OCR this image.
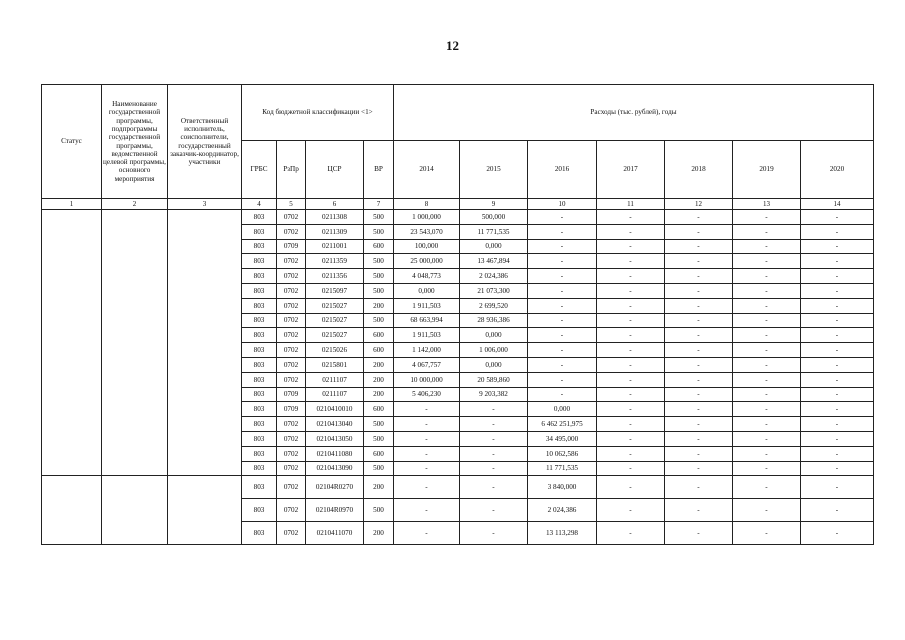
12
Статус	Наименование государственной программы, подпрограммы государственной программы, ведомственной целевой программы, основного мероприятия	Ответственный исполнитель, соисполнители, государственный заказчик-координатор, участники	Код бюджетной классификации <1>				Расходы (тыс. рублей), годы						
			ГРБС	РзПр	ЦСР	ВР	2014	2015	2016	2017	2018	2019	2020
1	2	3	4	5	6	7	8	9	10	11	12	13	14
			803	0702	0211308	500	1 000,000	500,000	-	-	-	-	-
			803	0702	0211309	500	23 543,070	11 771,535	-	-	-	-	-
			803	0709	0211001	600	100,000	0,000	-	-	-	-	-
			803	0702	0211359	500	25 000,000	13 467,894	-	-	-	-	-
			803	0702	0211356	500	4 048,773	2 024,386	-	-	-	-	-
			803	0702	0215097	500	0,000	21 073,300	-	-	-	-	-
			803	0702	0215027	200	1 911,503	2 699,520	-	-	-	-	-
			803	0702	0215027	500	68 663,994	28 936,386	-	-	-	-	-
			803	0702	0215027	600	1 911,503	0,000	-	-	-	-	-
			803	0702	0215026	600	1 142,000	1 006,000	-	-	-	-	-
			803	0702	0215801	200	4 067,757	0,000	-	-	-	-	-
			803	0702	0211107	200	10 000,000	20 589,860	-	-	-	-	-
			803	0709	0211107	200	5 406,230	9 203,382	-	-	-	-	-
			803	0709	0210410010	600	-	-	0,000	-	-	-	-
			803	0702	0210413040	500	-	-	6 462 251,975	-	-	-	-
			803	0702	0210413050	500	-	-	34 495,000	-	-	-	-
			803	0702	0210411080	600	-	-	10 062,586	-	-	-	-
			803	0702	0210413090	500	-	-	11 771,535	-	-	-	-
			803	0702	02104R0270	200	-	-	3 840,000	-	-	-	-
			803	0702	02104R0970	500	-	-	2 024,386	-	-	-	-
			803	0702	0210411070	200	-	-	13 113,298	-	-	-	-
